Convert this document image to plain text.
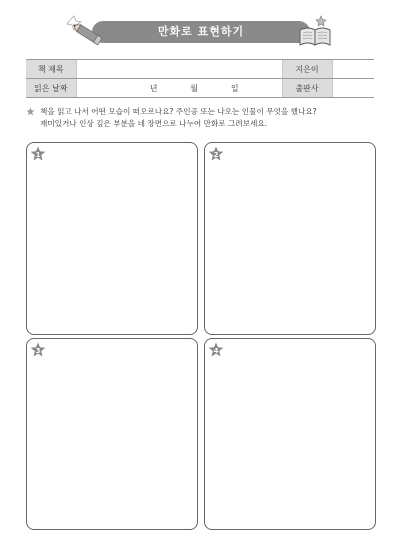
만화로 표현하기
책 제목		지은이	
읽은 날짜	년 월 일	출판사	
책을 읽고 나서 어떤 모습이 떠오르나요? 주인공 또는 나오는 인물이 무엇을 했나요?
재미있거나 인상 깊은 부분을 네 장면으로 나누어 만화로 그려보세요.
1	2
3	4
